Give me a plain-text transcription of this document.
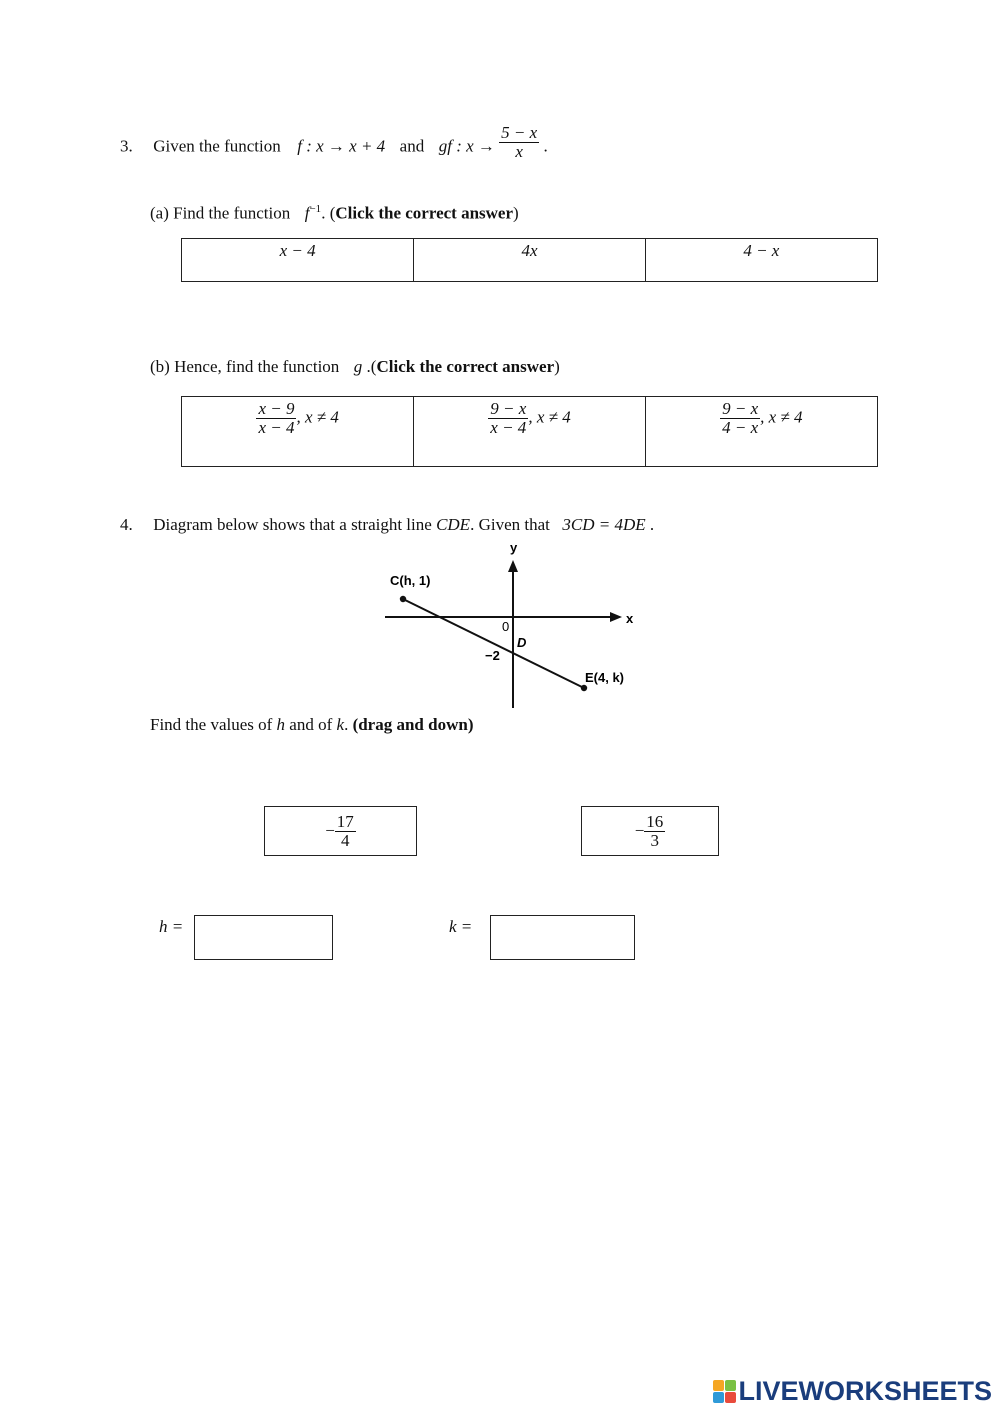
3. Given the function f : x → x + 4 and gf : $x \to \frac{5 - x}{x}$ .
(a) Find the function $f^{-1}$. (Click the correct answer)
x − 4	4x	4 − x
(b) Hence, find the function g .(Click the correct answer)
$\frac{x - 9}{x - 4}$ , x ≠ 4	$\frac{9 - x}{x - 4}$ , x ≠ 4	$\frac{9 - x}{4 - x}$ , x ≠ 4
4. Diagram below shows that a straight line CDE. Given that 3CD = 4DE .
y
x
0
C(h, 1)
D
−2
E(4, k)
Find the values of h and of k. (drag and down)
− $\frac{17}{4}$	− $\frac{16}{3}$
h =	k =
LIVEWORKSHEETS
